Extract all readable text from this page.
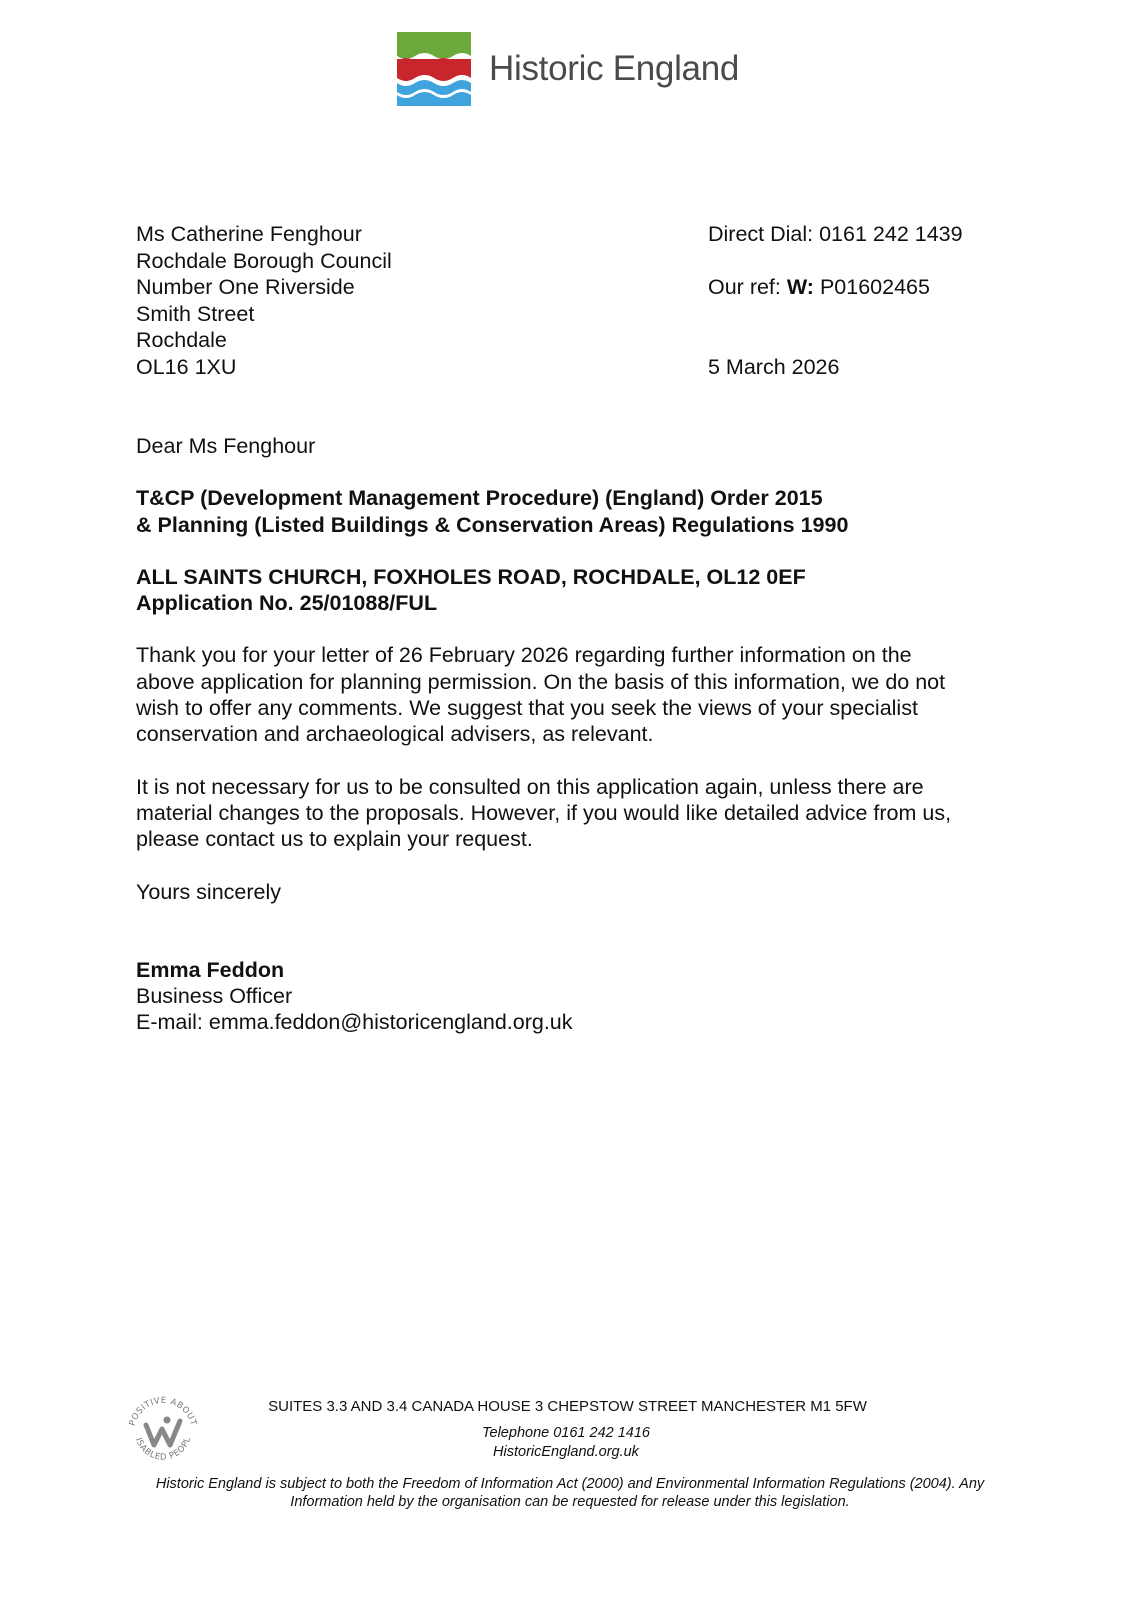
Historic England
Ms Catherine Fenghour
Rochdale Borough Council
Number One Riverside
Smith Street
Rochdale
OL16 1XU
Direct Dial: 0161 242 1439
Our ref: W: P01602465
5 March 2026

Dear Ms Fenghour

T&CP (Development Management Procedure) (England) Order 2015
& Planning (Listed Buildings & Conservation Areas) Regulations 1990

ALL SAINTS CHURCH, FOXHOLES ROAD, ROCHDALE, OL12 0EF
Application No. 25/01088/FUL

Thank you for your letter of 26 February 2026 regarding further information on the
above application for planning permission. On the basis of this information, we do not
wish to offer any comments. We suggest that you seek the views of your specialist
conservation and archaeological advisers, as relevant.

It is not necessary for us to be consulted on this application again, unless there are
material changes to the proposals. However, if you would like detailed advice from us,
please contact us to explain your request.

Yours sincerely

Emma Feddon

Business Officer

E-mail: emma.feddon@historicengland.org.uk

POSITIVE ABOUT
ISABLED PEOPL
SUITES 3.3 AND 3.4 CANADA HOUSE 3 CHEPSTOW STREET MANCHESTER M1 5FW
Telephone 0161 242 1416
HistoricEngland.org.uk
Historic England is subject to both the Freedom of Information Act (2000) and Environmental Information Regulations (2004). Any
Information held by the organisation can be requested for release under this legislation.
